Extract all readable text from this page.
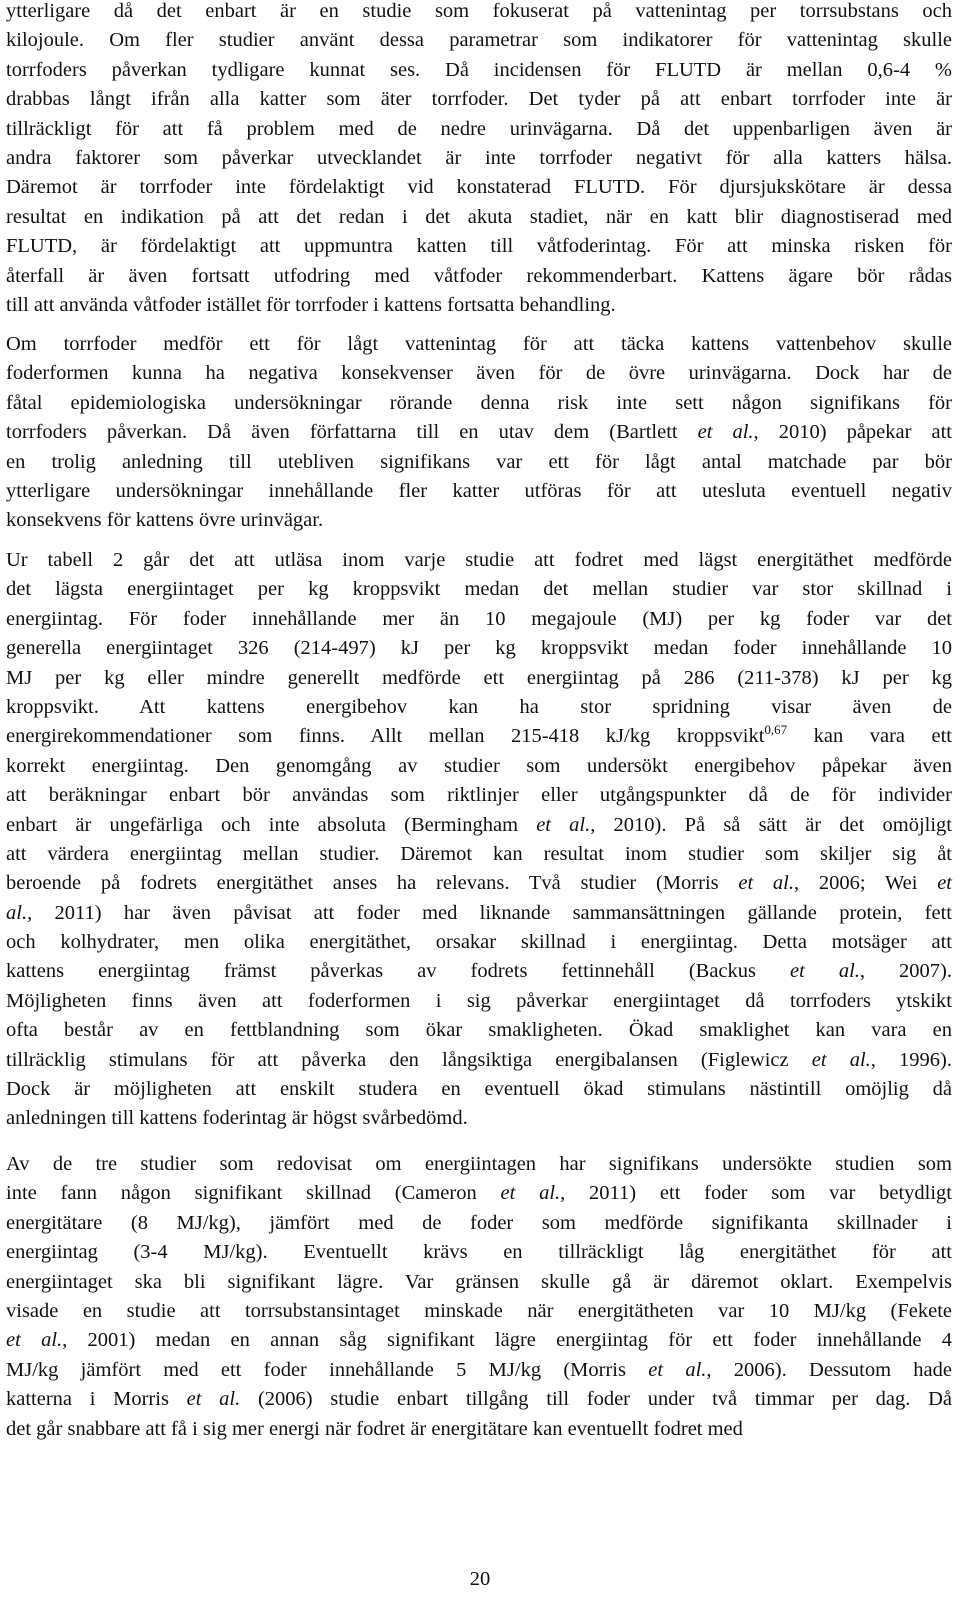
ytterligare då det enbart är en studie som fokuserat på vattenintag per torrsubstans och
kilojoule. Om fler studier använt dessa parametrar som indikatorer för vattenintag skulle
torrfoders påverkan tydligare kunnat ses. Då incidensen för FLUTD är mellan 0,6-4 %
drabbas långt ifrån alla katter som äter torrfoder. Det tyder på att enbart torrfoder inte är
tillräckligt för att få problem med de nedre urinvägarna. Då det uppenbarligen även är
andra faktorer som påverkar utvecklandet är inte torrfoder negativt för alla katters hälsa.
Däremot är torrfoder inte fördelaktigt vid konstaterad FLUTD. För djursjukskötare är dessa
resultat en indikation på att det redan i det akuta stadiet, när en katt blir diagnostiserad med
FLUTD, är fördelaktigt att uppmuntra katten till våtfoderintag. För att minska risken för
återfall är även fortsatt utfodring med våtfoder rekommenderbart. Kattens ägare bör rådas
till att använda våtfoder istället för torrfoder i kattens fortsatta behandling.
Om torrfoder medför ett för lågt vattenintag för att täcka kattens vattenbehov skulle
foderformen kunna ha negativa konsekvenser även för de övre urinvägarna. Dock har de
fåtal epidemiologiska undersökningar rörande denna risk inte sett någon signifikans för
torrfoders påverkan. Då även författarna till en utav dem (Bartlett et al., 2010) påpekar att
en trolig anledning till utebliven signifikans var ett för lågt antal matchade par bör
ytterligare undersökningar innehållande fler katter utföras för att utesluta eventuell negativ
konsekvens för kattens övre urinvägar.
Ur tabell 2 går det att utläsa inom varje studie att fodret med lägst energitäthet medförde
det lägsta energiintaget per kg kroppsvikt medan det mellan studier var stor skillnad i
energiintag. För foder innehållande mer än 10 megajoule (MJ) per kg foder var det
generella energiintaget 326 (214-497) kJ per kg kroppsvikt medan foder innehållande 10
MJ per kg eller mindre generellt medförde ett energiintag på 286 (211-378) kJ per kg
kroppsvikt. Att kattens energibehov kan ha stor spridning visar även de
energirekommendationer som finns. Allt mellan 215-418 kJ/kg kroppsvikt$^{0,67}$ kan vara ett
korrekt energiintag. Den genomgång av studier som undersökt energibehov påpekar även
att beräkningar enbart bör användas som riktlinjer eller utgångspunkter då de för individer
enbart är ungefärliga och inte absoluta (Bermingham et al., 2010). På så sätt är det omöjligt
att värdera energiintag mellan studier. Däremot kan resultat inom studier som skiljer sig åt
beroende på fodrets energitäthet anses ha relevans. Två studier (Morris et al., 2006; Wei et
al., 2011) har även påvisat att foder med liknande sammansättningen gällande protein, fett
och kolhydrater, men olika energitäthet, orsakar skillnad i energiintag. Detta motsäger att
kattens energiintag främst påverkas av fodrets fettinnehåll (Backus et al., 2007).
Möjligheten finns även att foderformen i sig påverkar energiintaget då torrfoders ytskikt
ofta består av en fettblandning som ökar smakligheten. Ökad smaklighet kan vara en
tillräcklig stimulans för att påverka den långsiktiga energibalansen (Figlewicz et al., 1996).
Dock är möjligheten att enskilt studera en eventuell ökad stimulans nästintill omöjlig då
anledningen till kattens foderintag är högst svårbedömd.
Av de tre studier som redovisat om energiintagen har signifikans undersökte studien som
inte fann någon signifikant skillnad (Cameron et al., 2011) ett foder som var betydligt
energitätare (8 MJ/kg), jämfört med de foder som medförde signifikanta skillnader i
energiintag (3-4 MJ/kg). Eventuellt krävs en tillräckligt låg energitäthet för att
energiintaget ska bli signifikant lägre. Var gränsen skulle gå är däremot oklart. Exempelvis
visade en studie att torrsubstansintaget minskade när energitätheten var 10 MJ/kg (Fekete
et al., 2001) medan en annan såg signifikant lägre energiintag för ett foder innehållande 4
MJ/kg jämfört med ett foder innehållande 5 MJ/kg (Morris et al., 2006). Dessutom hade
katterna i Morris et al. (2006) studie enbart tillgång till foder under två timmar per dag. Då
det går snabbare att få i sig mer energi när fodret är energitätare kan eventuellt fodret med
20
